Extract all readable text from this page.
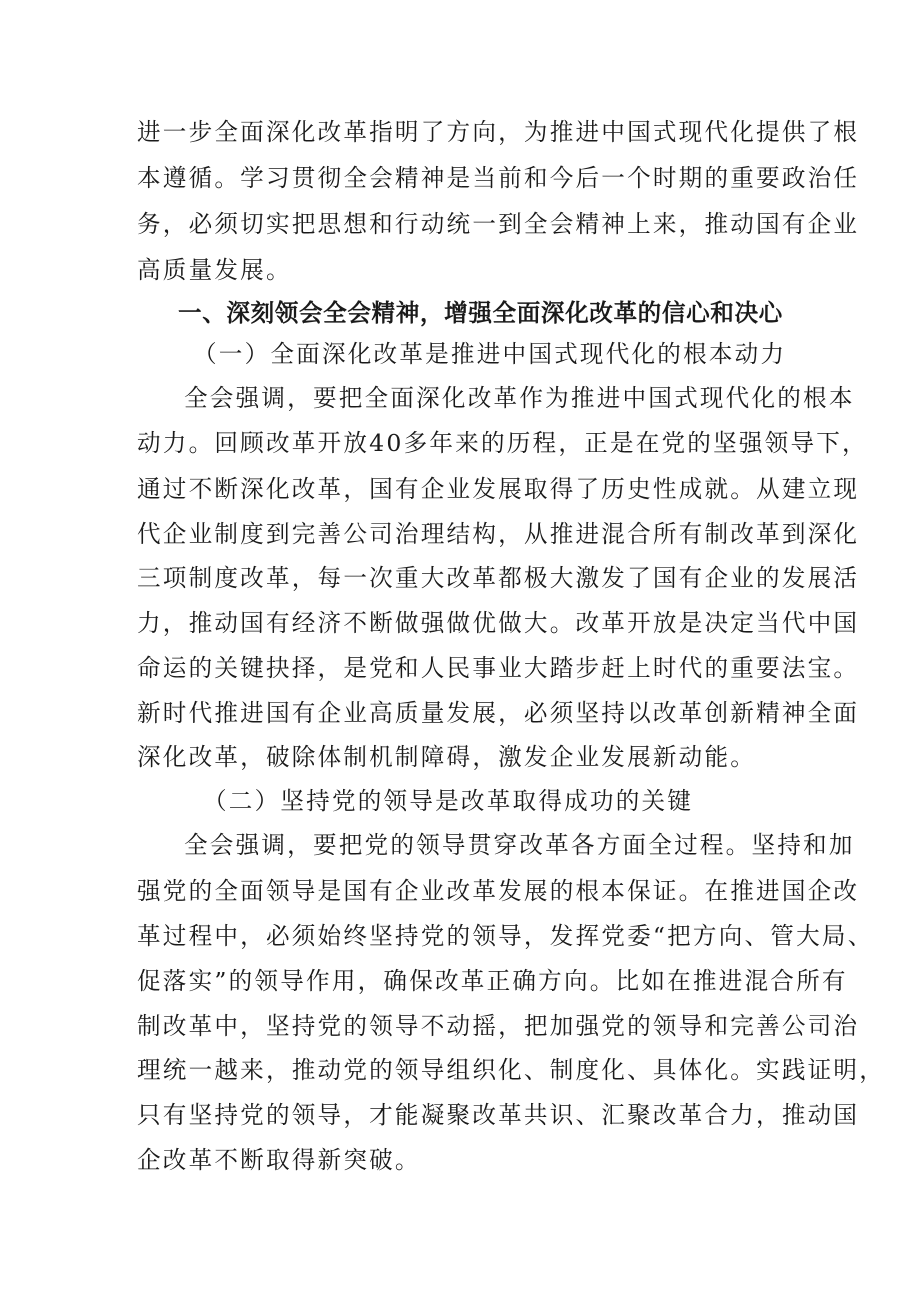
进一步全面深化改革指明了方向，为推进中国式现代化提供了根
本遵循。学习贯彻全会精神是当前和今后一个时期的重要政治任
务，必须切实把思想和行动统一到全会精神上来，推动国有企业
高质量发展。
一、深刻领会全会精神，增强全面深化改革的信心和决心
（一）全面深化改革是推进中国式现代化的根本动力
全会强调，要把全面深化改革作为推进中国式现代化的根本
动力。回顾改革开放40多年来的历程，正是在党的坚强领导下，
通过不断深化改革，国有企业发展取得了历史性成就。从建立现
代企业制度到完善公司治理结构，从推进混合所有制改革到深化
三项制度改革，每一次重大改革都极大激发了国有企业的发展活
力，推动国有经济不断做强做优做大。改革开放是决定当代中国
命运的关键抉择，是党和人民事业大踏步赶上时代的重要法宝。
新时代推进国有企业高质量发展，必须坚持以改革创新精神全面
深化改革，破除体制机制障碍，激发企业发展新动能。
（二）坚持党的领导是改革取得成功的关键
全会强调，要把党的领导贯穿改革各方面全过程。坚持和加
强党的全面领导是国有企业改革发展的根本保证。在推进国企改
革过程中，必须始终坚持党的领导，发挥党委“把方向、管大局、
促落实”的领导作用，确保改革正确方向。比如在推进混合所有
制改革中，坚持党的领导不动摇，把加强党的领导和完善公司治
理统一越来，推动党的领导组织化、制度化、具体化。实践证明，
只有坚持党的领导，才能凝聚改革共识、汇聚改革合力，推动国
企改革不断取得新突破。
